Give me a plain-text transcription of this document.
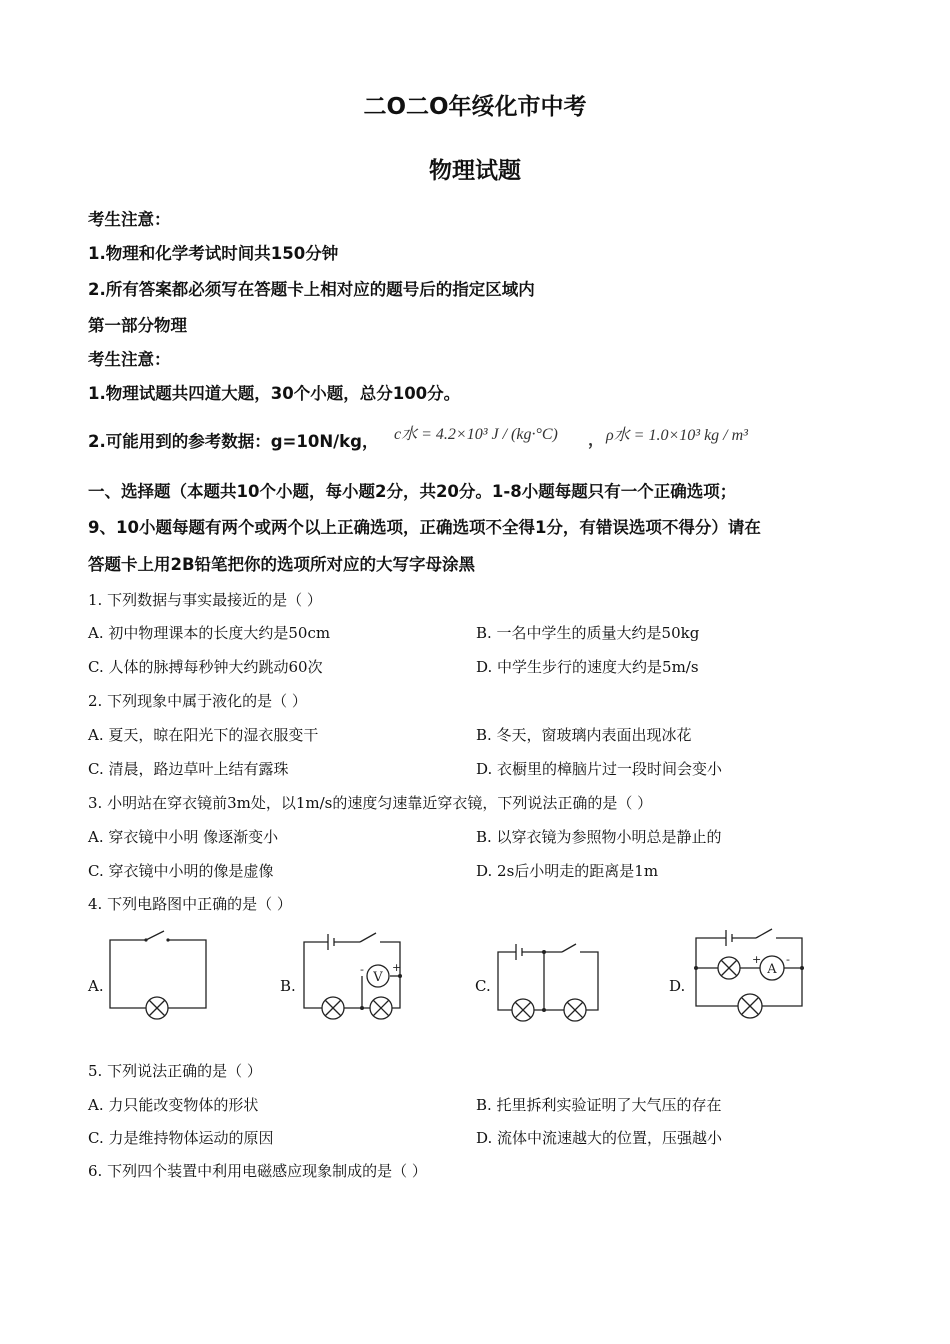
二O二O年绥化市中考
物理试题
考生注意：
1.物理和化学考试时间共150分钟
2.所有答案都必须写在答题卡上相对应的题号后的指定区域内
第一部分物理
考生注意：
1.物理试题共四道大题，30个小题，总分100分。
2.可能用到的参考数据：g=10N/kg， c水 = 4.2×10³ J / (kg·°C) ， ρ水 = 1.0×10³ kg / m³
一、选择题（本题共10个小题，每小题2分，共20分。1-8小题每题只有一个正确选项；
9、10小题每题有两个或两个以上正确选项，正确选项不全得1分，有错误选项不得分）请在
答题卡上用2B铅笔把你的选项所对应的大写字母涂黑
1. 下列数据与事实最接近的是（ ）
A. 初中物理课本的长度大约是50cm	B. 一名中学生的质量大约是50kg
C. 人体的脉搏每秒钟大约跳动60次	D. 中学生步行的速度大约是5m/s
2. 下列现象中属于液化的是（ ）
A. 夏天，晾在阳光下的湿衣服变干	B. 冬天，窗玻璃内表面出现冰花
C. 清晨，路边草叶上结有露珠	D. 衣橱里的樟脑片过一段时间会变小
3. 小明站在穿衣镜前3m处，以1m/s的速度匀速靠近穿衣镜，下列说法正确的是（ ）
A. 穿衣镜中小明 像逐渐变小	B. 以穿衣镜为参照物小明总是静止的
C. 穿衣镜中小明的像是虚像	D. 2s后小明走的距离是1m
4. 下列电路图中正确的是（ ）
A.	B.	V
-	+
C.	D.
A
+ -
5. 下列说法正确的是（ ）
A. 力只能改变物体的形状	B. 托里拆利实验证明了大气压的存在
C. 力是维持物体运动的原因	D. 流体中流速越大的位置，压强越小
6. 下列四个装置中利用电磁感应现象制成的是（ ）
